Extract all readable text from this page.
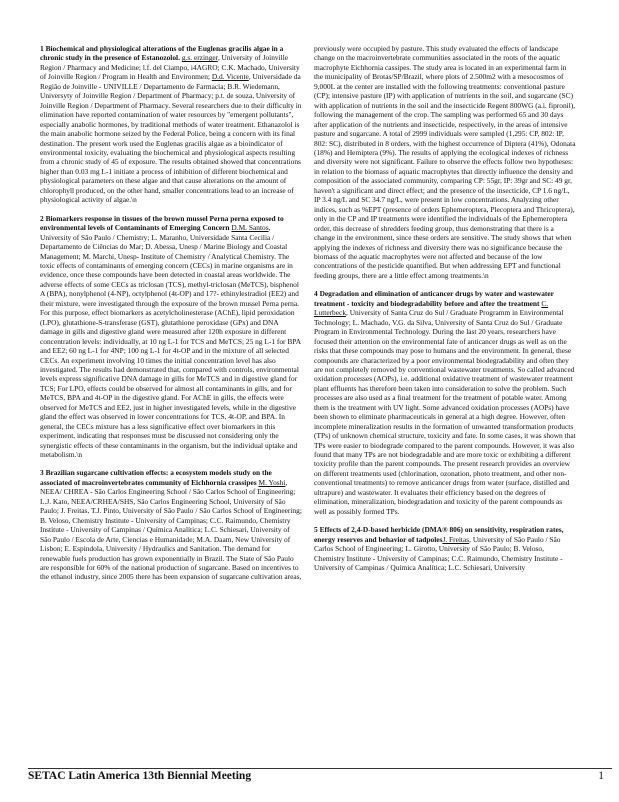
1 Biochemical and physiological alterations of the Euglenas gracilis algae in a chronic study in the presence of Estanozolol. g.s. erzinger, University of Joinville Region / Pharmacy and Medicine; l.f. del Ciampo, i4AGRO; C.K. Machado, University of Joinville Region / Program in Health and Environmen; D.d. Vicente, Universidade da Região de Joinville - UNIVILLE / Departamento de Farmacia; B.R. Wiedemann, Universyty of Joinville Region / Department of Pharmacy; p.t. de souza, University of Joinville Region / Department of Pharmacy. Several researchers due to their difficulty in elimination have reported contamination of water resources by "emergent pollutants", especially anabolic hormones, by traditional methods of water treatment. Ethanazolol is the main anabolic hormone seized by the Federal Police, being a concern with its final destination. The present work used the Euglenas gracilis algae as a bioindicator of environmental toxicity, evaluating the biochemical and physiological aspects resulting from a chronic study of 45 of exposure. The results obtained showed that concentrations higher than 0.03 mg L-1 initiate a process of inhibition of different biochemical and physiological parameters on these algae and that cause alterations on the amount of chlorophyll produced, on the other hand, smaller concentrations lead to an increase of physiological activity of algae.\n

2 Biomarkers response in tissues of the brown mussel Perna perna exposed to environmental levels of Contaminants of Emerging Concern D.M. Santos, University of São Paulo / Chemistry; L. Maranho, Universidade Santa Cecilia / Departamento de Ciências do Mar; D. Abessa, Unesp / Marine Biology and Coastal Management; M. Marchi, Unesp- Institute of Chemistry / Analytical Chemistry. The toxic effects of contaminants of emerging concern (CECs) in marine organisms are in evidence, once these compounds have been detected in coastal areas worldwide. The adverse effects of some CECs as triclosan (TCS), methyl-triclosan (MeTCS), bisphenol A (BPA), nonylphenol (4-NP), octylphenol (4t-OP) and 17?- ethinylestradiol (EE2) and their mixture, were investigated through the exposure of the brown mussel Perna perna. For this purpose, effect biomarkers as acetylcholinesterase (AChE), lipid peroxidation (LPO), glutathione-S-transferase (GST), glutathione peroxidase (GPx) and DNA damage in gills and digestive gland were measured after 120h exposure in different concentration levels: individually, at 10 ng L-1 for TCS and MeTCS; 25 ng L-1 for BPA and EE2; 60 ng L-1 for 4NP; 100 ng L-1 for 4t-OP and in the mixture of all selected CECs. An experiment involving 10 times the initial concentration level has also investigated. The results had demonstrated that, compared with controls, environmental levels express significative DNA damage in gills for MeTCS and in digestive gland for TCS; For LPO, effects could be observed for almost all contaminants in gills, and for MeTCS, BPA and 4t-OP in the digestive gland. For AChE in gills, the effects were observed for MeTCS and EE2, just in higher investigated levels, while in the digestive gland the effect was observed in lower concentrations for TCS, 4t-OP, and BPA. In general, the CECs mixture has a less significative effect over biomarkers in this experiment, indicating that responses must be discussed not considering only the synergistic effects of these contaminants in the organism, but the individual uptake and metabolism.\n

3 Brazilian sugarcane cultivation effects: a ecosystem models study on the associated of macroinvertebrates community of Eichhornia crassipes M. Yoshi, NEEA/ CHREA - São Carlos Engineering School / São Carlos School of Engineering; L.J. Kato, NEEA/CRHEA/SHS, São Carlos Engineering School, University of São Paulo; J. Freitas, T.J. Pinto, University of São Paulo / São Carlos School of Engineering; B. Veloso, Chemistry Institute - University of Campinas; C.C. Raimundo, Chemistry Institute - University of Campinas / Química Analítica; L.C. Schiesari, University of São Paulo / Escola de Arte, Ciencias e Humanidade; M.A. Daam, New University of Lisbon; E. Espindola, University / Hydraulics and Sanitation. The demand for renewable fuels production has grown exponentially in Brazil. The State of São Paulo are responsible for 60% of the national production of sugarcane. Based on incentives to the ethanol industry, since 2005 there has been expansion of sugarcane cultivation areas,

previously were occupied by pasture. This study evaluated the effects of landscape change on the macroinvertebrate communities associated in the roots of the aquatic macrophyte Eichhornia cassipes. The study area is located in an experimental farm in the municipality of Brotas/SP/Brazil, where plots of 2.500m2 with a mesocosmos of 9,000L at the center are installed with the following treatments: conventional pasture (CP); intensive pasture (IP) with application of nutrients in the soil, and sugarcane (SC) with application of nutrients in the soil and the insecticide Regent 800WG (a.i. fipronil), following the management of the crop. The sampling was performed 65 and 30 days after application of the nutrients and insecticide, respectively, in the areas of intensive pasture and sugarcane. A total of 2999 individuals were sampled (1,295: CP, 802: IP, 802: SC), distributed in 8 orders, with the highest occurrence of Diptera (41%), Odonata (18%) and Hemiptera (9%). The results of applying the ecological indexes of richness and diversity were not significant. Failure to observe the effects follow two hypotheses: in relation to the biomass of aquatic macrophytes that directly influence the density and composition of the associated community, comparing CP: 55gr, IP: 39gr and SC: 49 gr, haven't a significant and direct effect; and the presence of the insecticide, CP 1.6 ng/L, IP 3.4 ng/L and SC 34.7 ng/L, were present in low concentrations. Analyzing other indices, such as %EPT (presence of orders Ephemeroptera, Plecoptera and Thricoptera), only in the CP and IP treatments were identified the individuals of the Ephemeroptera order, this decrease of shredders feeding group, thus demonstrating that there is a change in the environment, since these orders are sensitive. The study shows that when applying the indexes of richness and diversity there was no significance because the biomass of the aquatic macrophytes were not affected and because of the low concentrations of the pesticide quantified. But when addressing EPT and functional feeding groups, there are a little effect among treatments.\n

4 Degradation and elimination of anticancer drugs by water and wastewater treatment - toxicity and biodegradability before and after the treatment C. Lutterbeck, University of Santa Cruz do Sul / Graduate Programm in Environmental Technology; L. Machado, V.G. da Silva, University of Santa Cruz do Sul / Graduate Program in Environmental Technology. During the last 20 years, researchers have focused their attention on the environmental fate of anticancer drugs as well as on the risks that these compounds may pose to humans and the environment. In general, these compounds are characterized by a poor environmental biodegradability and often they are not completely removed by conventional wastewater treatments. So called advanced oxidation processes (AOPs), i.e. additional oxidative treatment of wastewater treatment plant effluents has therefore been taken into consideration to solve the problem. Such processes are also used as a final treatment for the treatment of potable water. Among them is the treatment with UV light. Some advanced oxidation processes (AOPs) have been shown to eliminate pharmaceuticals in general at a high degree. However, often incomplete mineralization results in the formation of unwanted transformation products (TPs) of unknown chemical structure, toxicity and fate. In some cases, it was shown that TPs were easier to biodegrade compared to the parent compounds. However, it was also found that many TPs are not biodegradable and are more toxic or exhibiting a different toxicity profile than the parent compounds. The present research provides an overview on different treatments used (chlorination, ozonation, photo treatment, and other non-conventional treatments) to remove anticancer drugs from water (surface, distilled and ultrapure) and wastewater. It evaluates their efficiency based on the degrees of elimination, mineralization, biodegradation and toxicity of the parent compounds as well as possibly formed TPs.

5 Effects of 2,4-D-based herbicide (DMA® 806) on sensitivity, respiration rates, energy reserves and behavior of tadpolesJ. Freitas, University of São Paulo / São Carlos School of Engineering; L. Girotto, University of São Paulo; B. Veloso, Chemistry Institute - University of Campinas; C.C. Raimundo, Chemistry Institute - University of Campinas / Química Analítica; L.C. Schiesari, University

SETAC Latin America 13th Biennial Meeting	1
